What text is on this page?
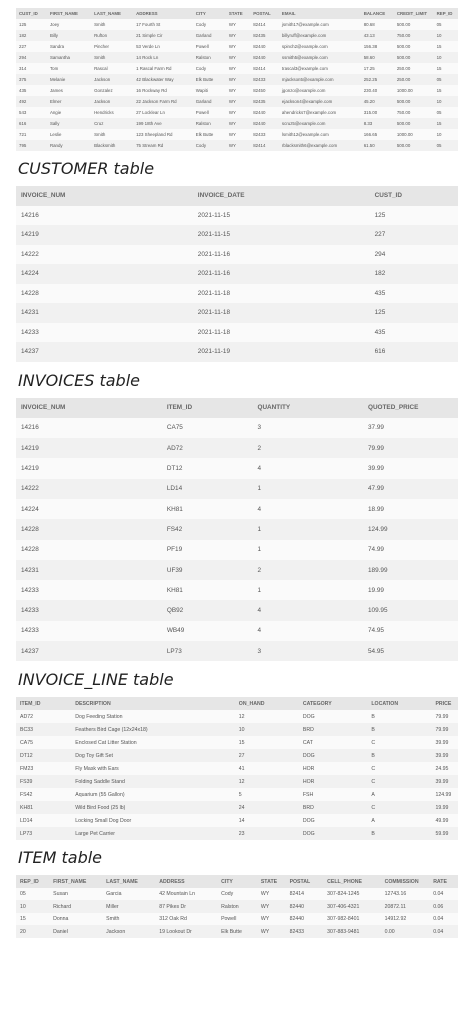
CUST_ID	FIRST_NAME	LAST_NAME	ADDRESS	CITY	STATE	POSTAL	EMAIL	BALANCE	CREDIT_LIMIT	REP_ID
125	Joey	Smith	17 Fourth St	Cody	WY	82414	jsmith17@example.com	80.68	500.00	05
182	Billy	Rufton	21 Simple Cir	Garland	WY	82435	billyruff@example.com	43.13	750.00	10
227	Sandra	Pincher	53 Verde Ln	Powell	WY	82440	spinch2@example.com	156.38	500.00	15
294	Samantha	Smith	14 Rock Ln	Ralston	WY	82440	ssmith5@example.com	58.60	500.00	10
314	Tom	Rascal	1 Rascal Farm Rd	Cody	WY	82414	trascal3@example.com	17.25	250.00	15
375	Melanie	Jackson	42 Blackwater Way	Elk Butte	WY	82433	mjackson5@example.com	252.25	250.00	05
435	James	Gonzalez	16 Rockway Rd	Wapiti	WY	82450	jgonzo@example.com	230.40	1000.00	15
492	Elmer	Jackson	22 Jackson Farm Rd	Garland	WY	82435	ejackson4@example.com	45.20	500.00	10
543	Angie	Hendricks	27 Locklear Ln	Powell	WY	82440	ahendricks7@example.com	315.00	750.00	05
616	Sally	Cruz	199 18th Ave	Ralston	WY	82440	scruz5@example.com	8.33	500.00	15
721	Leslie	Smith	123 Sheepland Rd	Elk Butte	WY	82433	lsmith12@example.com	166.65	1000.00	10
795	Randy	Blacksmith	75 Stream Rd	Cody	WY	82414	rblacksmith6@example.com	61.50	500.00	05
CUSTOMER table
INVOICE_NUM	INVOICE_DATE	CUST_ID
14216	2021-11-15	125
14219	2021-11-15	227
14222	2021-11-16	294
14224	2021-11-16	182
14228	2021-11-18	435
14231	2021-11-18	125
14233	2021-11-18	435
14237	2021-11-19	616
INVOICES table
INVOICE_NUM	ITEM_ID	QUANTITY	QUOTED_PRICE
14216	CA75	3	37.99
14219	AD72	2	79.99
14219	DT12	4	39.99
14222	LD14	1	47.99
14224	KH81	4	18.99
14228	FS42	1	124.99
14228	PF19	1	74.99
14231	UF39	2	189.99
14233	KH81	1	19.99
14233	QB92	4	109.95
14233	WB49	4	74.95
14237	LP73	3	54.95
INVOICE_LINE table
ITEM_ID	DESCRIPTION	ON_HAND	CATEGORY	LOCATION	PRICE
AD72	Dog Feeding Station	12	DOG	B	79.99
BC33	Feathers Bird Cage (12x24x18)	10	BRD	B	79.99
CA75	Enclosed Cat Litter Station	15	CAT	C	39.99
DT12	Dog Toy Gift Set	27	DOG	B	39.99
FM23	Fly Mask with Ears	41	HOR	C	24.95
FS39	Folding Saddle Stand	12	HOR	C	39.99
FS42	Aquarium (55 Gallon)	5	FSH	A	124.99
KH81	Wild Bird Food (25 lb)	24	BRD	C	19.99
LD14	Locking Small Dog Door	14	DOG	A	49.99
LP73	Large Pet Carrier	23	DOG	B	59.99
ITEM table
REP_ID	FIRST_NAME	LAST_NAME	ADDRESS	CITY	STATE	POSTAL	CELL_PHONE	COMMISSION	RATE
05	Susan	Garcia	42 Mountain Ln	Cody	WY	82414	307-824-1245	12743.16	0.04
10	Richard	Miller	87 Pikes Dr	Ralston	WY	82440	307-406-4321	20872.11	0.06
15	Donna	Smith	312 Oak Rd	Powell	WY	82440	307-982-8401	14912.92	0.04
20	Daniel	Jackson	19 Lookout Dr	Elk Butte	WY	82433	307-883-9481	0.00	0.04
